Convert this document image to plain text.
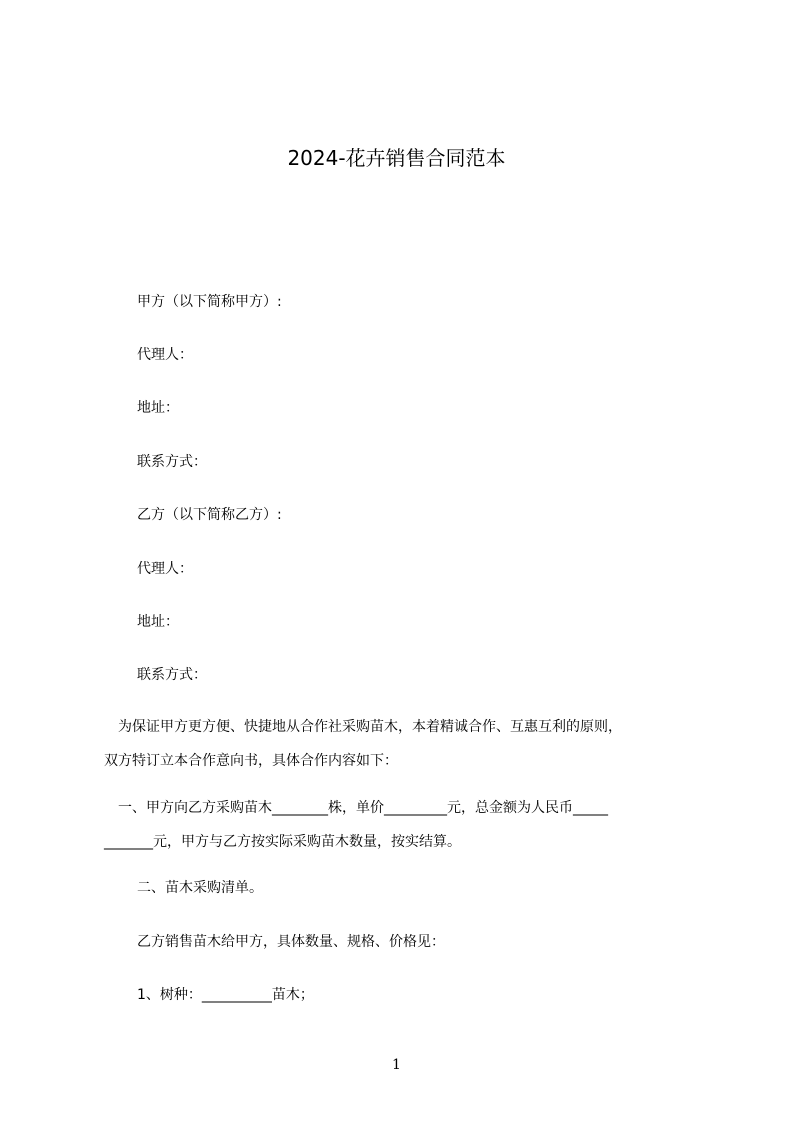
2024-花卉销售合同范本
甲方（以下简称甲方）:
代理人：
地址：
联系方式：
乙方（以下简称乙方）:
代理人：
地址：
联系方式：
　为保证甲方更方便、快捷地从合作社采购苗木，本着精诚合作、互惠互利的原则，
双方特订立本合作意向书，具体合作内容如下：
　一、甲方向乙方采购苗木________株，单价_________元，总金额为人民币_____
_______元，甲方与乙方按实际采购苗木数量，按实结算。
二、苗木采购清单。
乙方销售苗木给甲方，具体数量、规格、价格见：
1、树种：__________苗木；
1
